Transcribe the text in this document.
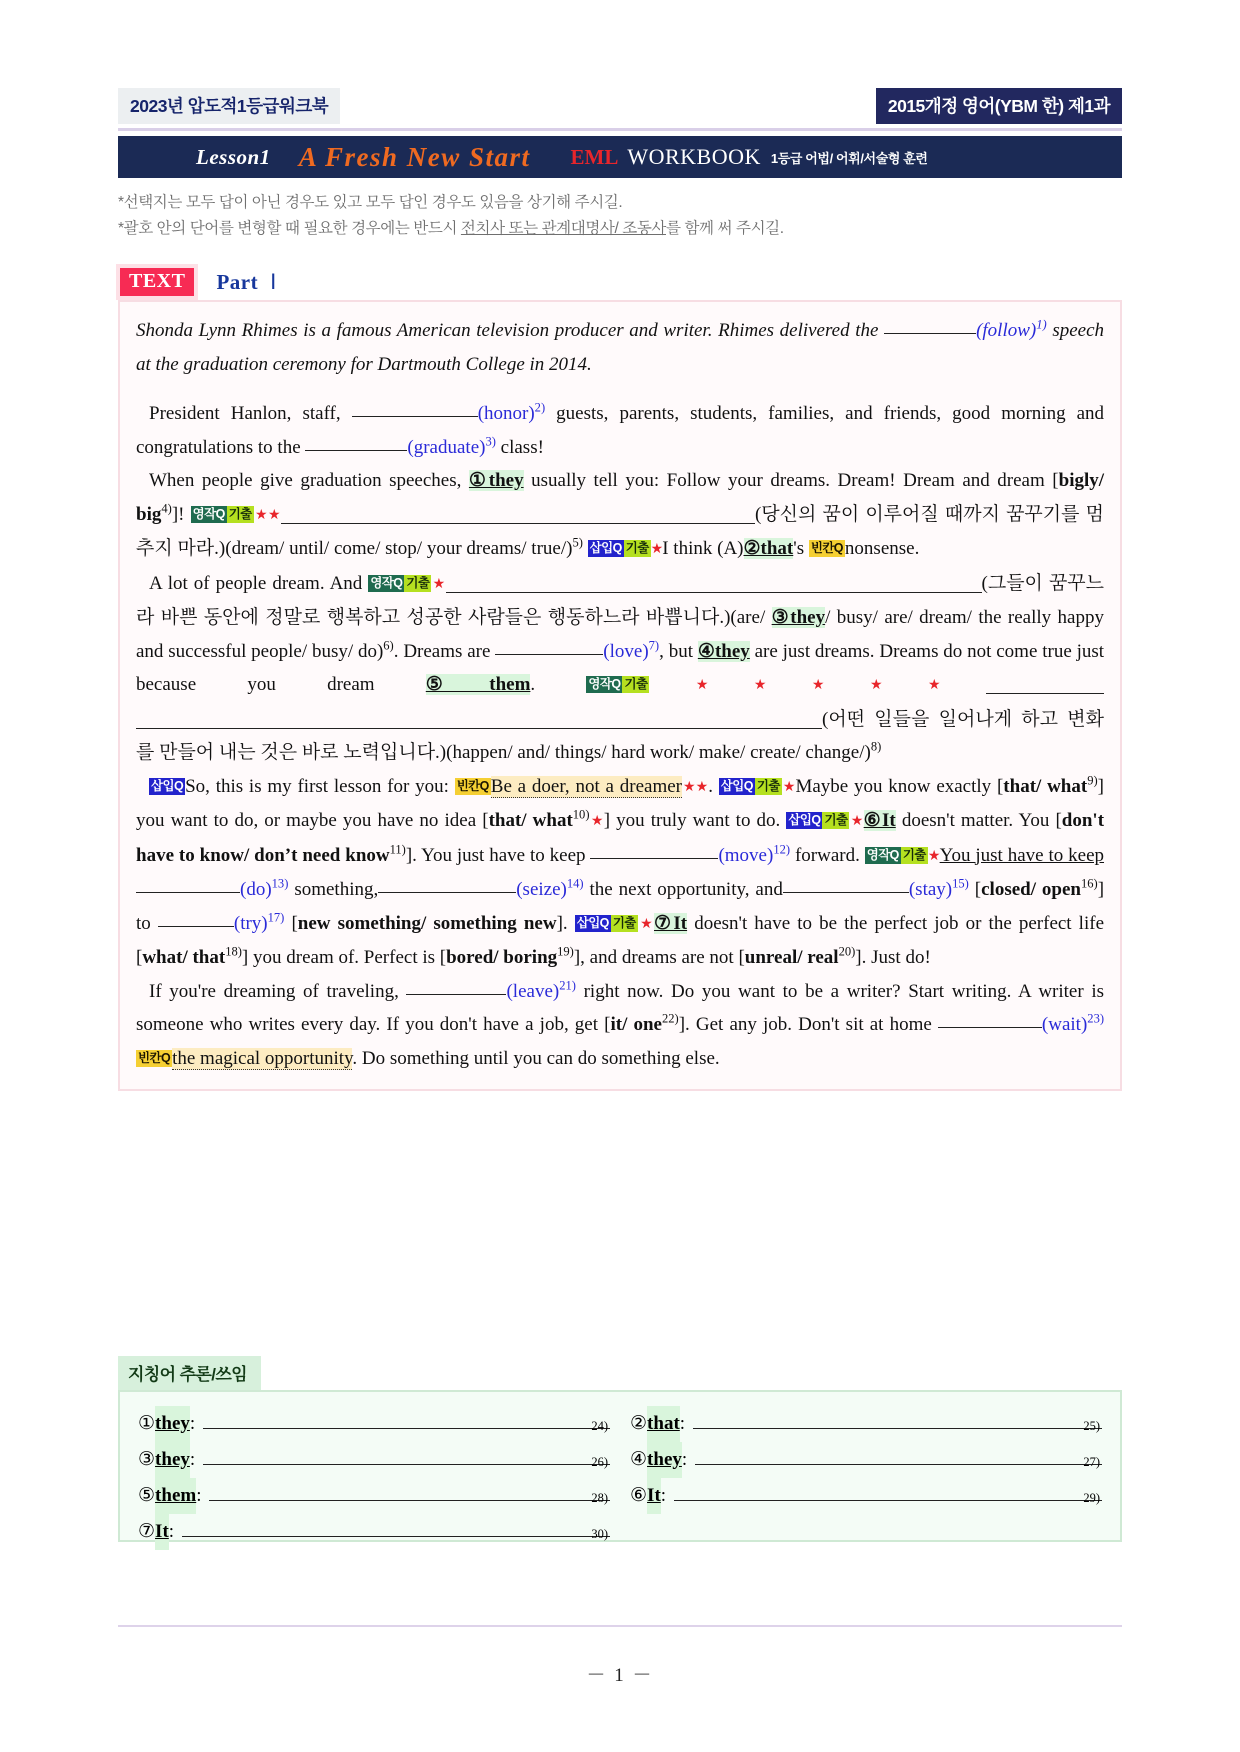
2023년 압도적1등급워크북	2015개정 영어(YBM 한) 제1과
Lesson1 A Fresh New Start EML WORKBOOK 1등급 어법/ 어휘/서술형 훈련
*선택지는 모두 답이 아닌 경우도 있고 모두 답인 경우도 있음을 상기해 주시길.
*괄호 안의 단어를 변형할 때 필요한 경우에는 반드시 전치사 또는 관계대명사/ 조동사를 함께 써 주시길.
TEXT	Part Ⅰ

Shonda Lynn Rhimes is a famous American television producer and writer. Rhimes delivered the	(follow)$^{1)}$ speech at the graduation ceremony for Dartmouth College in 2014.

President Hanlon, staff,	(honor)$^{2)}$ guests, parents, students, families, and friends, good morning and congratulations to the	(graduate)$^{3)}$ class!

When people give graduation speeches, ①they usually tell you: Follow your dreams. Dream! Dream and dream [bigly/ big$^{4)}$]! 영작Q 기출 ★★	(당신의 꿈이 이루어질 때까지 꿈꾸기를 멈추지 마라.)(dream/ until/ come/ stop/ your dreams/ true/)$^{5)}$ 삽입Q 기출 ★I think (A)②that's 빈칸Q nonsense.

A lot of people dream. And 영작Q 기출 ★	(그들이 꿈꾸느라 바쁜 동안에 정말로 행복하고 성공한 사람들은 행동하느라 바쁩니다.)(are/ ③they/ busy/ are/ dream/ the really happy and successful people/ busy/ do)$^{6)}$. Dreams are	(love)$^{7)}$, but ④they are just dreams. Dreams do not come true just because you dream	⑤them.	영작Q 기출 ★★★★★(어떤 일들을 일어나게 하고 변화를 만들어 내는 것은 바로 노력입니다.)(happen/ and/ things/ hard work/ make/ create/ change/)$^{8)}$

삽입Q So, this is my first lesson for you: 빈칸Q Be a doer, not a dreamer★★. 삽입Q 기출 ★Maybe you know exactly [that/ what$^{9)}$] you want to do, or maybe you have no idea [that/ what$^{10)}$★] you truly want to do. 삽입Q 기출 ★⑥It doesn't matter. You [don't have to know/ don’t need know$^{11)}$]. You just have to keep	(move)$^{12)}$ forward. 영작Q 기출 ★You just have to keep(do)$^{13)}$ something,	(seize)$^{14)}$ the next opportunity, and	(stay)$^{15)}$ [closed/ open$^{16)}$] to	(try)$^{17)}$ [new something/ something new]. 삽입Q 기출 ★⑦It doesn't have to be the perfect job or the perfect life [what/ that$^{18)}$] you dream of. Perfect is [bored/ boring$^{19)}$], and dreams are not [unreal/ real$^{20)}$]. Just do!

If you're dreaming of traveling,	(leave)$^{21)}$ right now. Do you want to be a writer? Start writing. A writer is someone who writes every day. If you don't have a job, get [it/ one$^{22)}$]. Get any job. Don't sit at home	(wait)$^{23)}$ 빈칸Q the magical opportunity. Do something until you can do something else.

지칭어 추론/쓰임
① they :	24) ② that :	25)
③ they :	26) ④ they :	27)
⑤ them :	28) ⑥ It :	29)
⑦ It :	30)
－ 1 －
